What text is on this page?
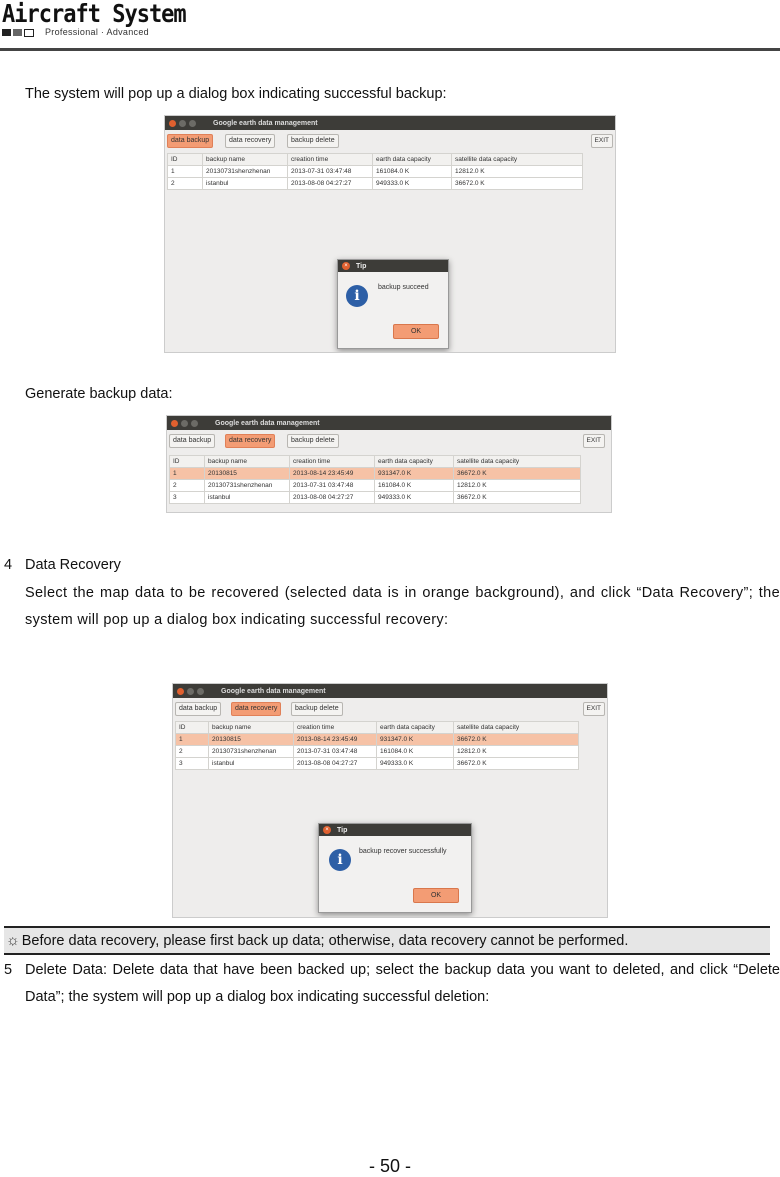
Aircraft System
Professional · Advanced
The system will pop up a dialog box indicating successful backup:
Google earth data management
data backup	data recovery	backup delete	EXIT
ID	backup name	creation time	earth data capacity	satellite data capacity
1	20130731shenzhenan	2013-07-31 03:47:48	161084.0 K	12812.0 K
2	istanbul	2013-08-08 04:27:27	949333.0 K	36672.0 K
×	Tip
i
backup succeed
OK
Generate backup data:
Google earth data management
data backup	data recovery	backup delete	EXIT
ID	backup name	creation time	earth data capacity	satellite data capacity
1	20130815	2013-08-14 23:45:49	931347.0 K	36672.0 K
2	20130731shenzhenan	2013-07-31 03:47:48	161084.0 K	12812.0 K
3	istanbul	2013-08-08 04:27:27	949333.0 K	36672.0 K
4 Data Recovery
Select the map data to be recovered (selected data is in orange background), and click “Data Recovery”; the system will pop up a dialog box indicating successful recovery:
Google earth data management
data backup	data recovery	backup delete	EXIT
ID	backup name	creation time	earth data capacity	satellite data capacity
1	20130815	2013-08-14 23:45:49	931347.0 K	36672.0 K
2	20130731shenzhenan	2013-07-31 03:47:48	161084.0 K	12812.0 K
3	istanbul	2013-08-08 04:27:27	949333.0 K	36672.0 K
×	Tip
i
backup recover successfully
OK
☼ Before data recovery, please first back up data; otherwise, data recovery cannot be performed.
5 Delete Data: Delete data that have been backed up; select the backup data you want to deleted, and click “Delete Data”; the system will pop up a dialog box indicating successful deletion:
- 50 -
